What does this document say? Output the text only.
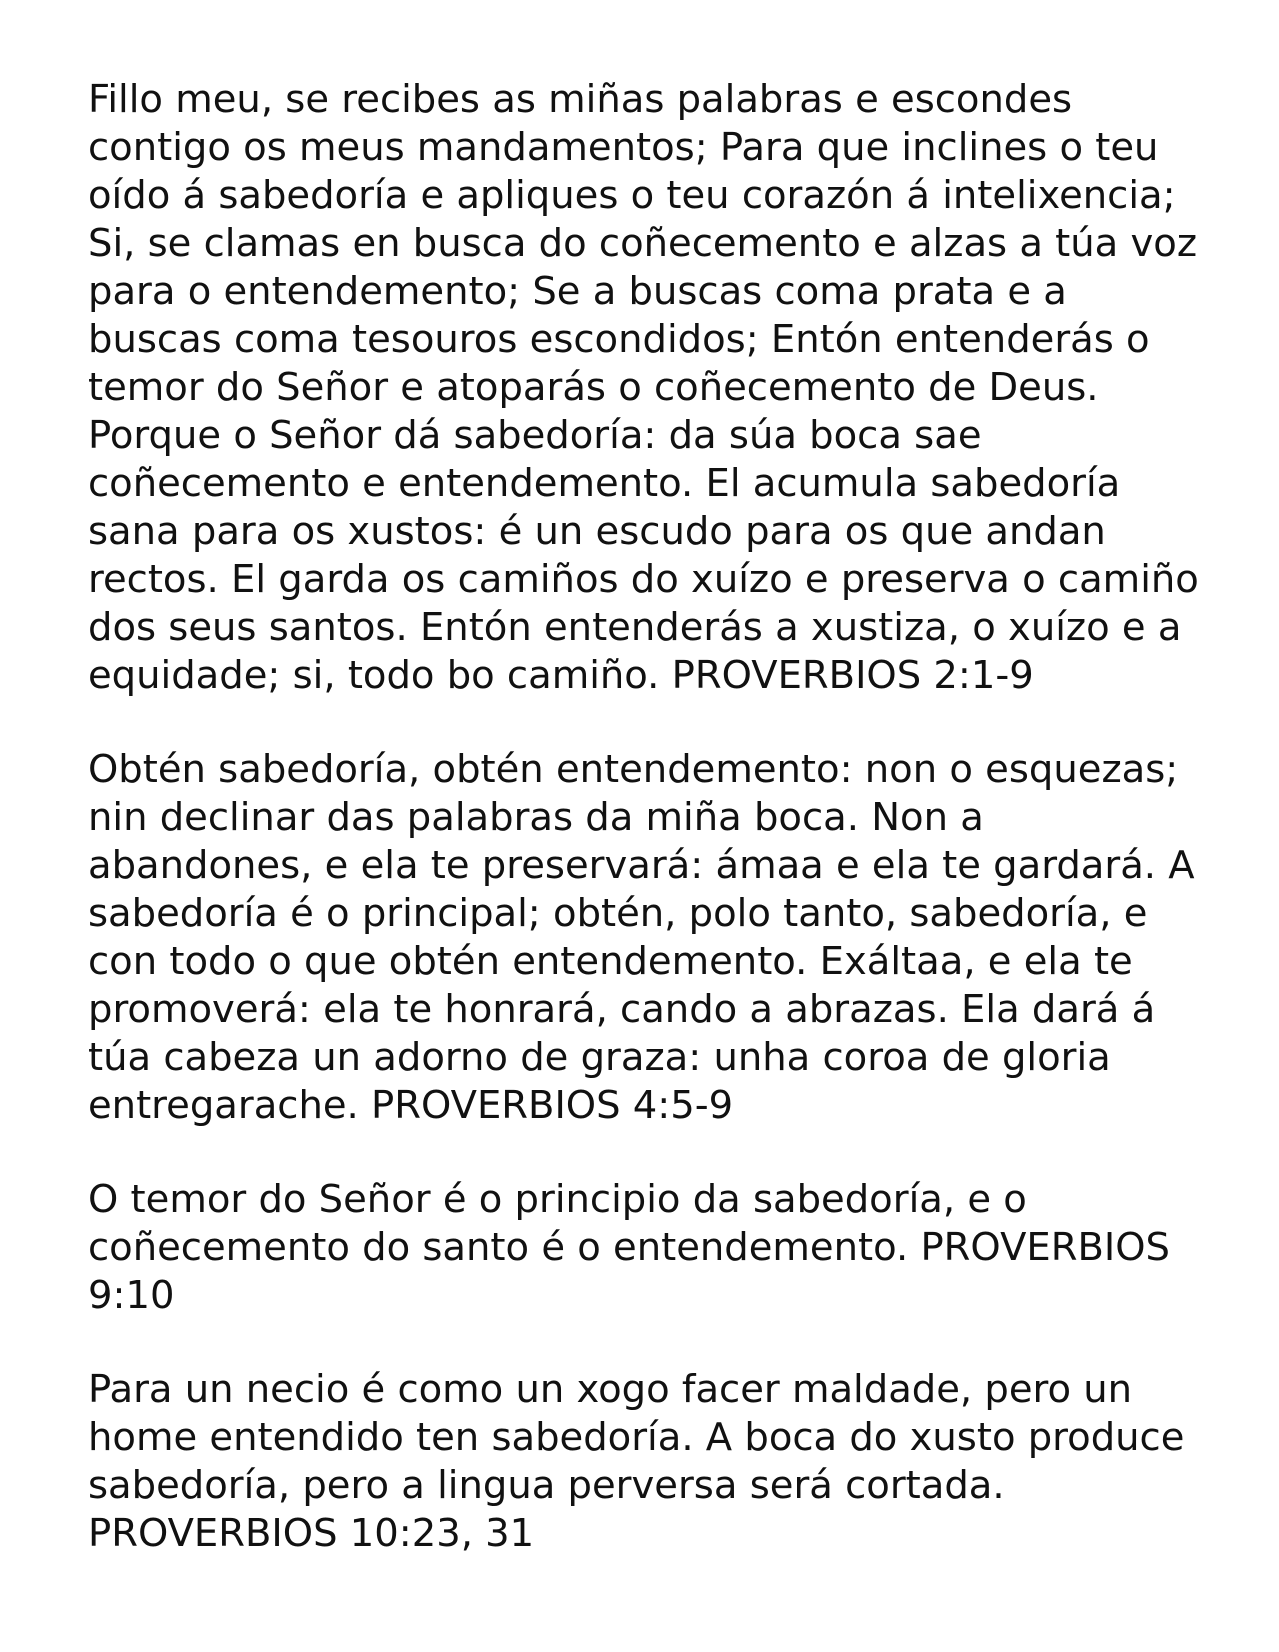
Fillo meu, se recibes as miñas palabras e escondes
contigo os meus mandamentos; Para que inclines o teu
oído á sabedoría e apliques o teu corazón á intelixencia;
Si, se clamas en busca do coñecemento e alzas a túa voz
para o entendemento; Se a buscas coma prata e a
buscas coma tesouros escondidos; Entón entenderás o
temor do Señor e atoparás o coñecemento de Deus.
Porque o Señor dá sabedoría: da súa boca sae
coñecemento e entendemento. El acumula sabedoría
sana para os xustos: é un escudo para os que andan
rectos. El garda os camiños do xuízo e preserva o camiño
dos seus santos. Entón entenderás a xustiza, o xuízo e a
equidade; si, todo bo camiño. PROVERBIOS 2:1-9

Obtén sabedoría, obtén entendemento: non o esquezas;
nin declinar das palabras da miña boca. Non a
abandones, e ela te preservará: ámaa e ela te gardará. A
sabedoría é o principal; obtén, polo tanto, sabedoría, e
con todo o que obtén entendemento. Exáltaa, e ela te
promoverá: ela te honrará, cando a abrazas. Ela dará á
túa cabeza un adorno de graza: unha coroa de gloria
entregarache. PROVERBIOS 4:5-9

O temor do Señor é o principio da sabedoría, e o
coñecemento do santo é o entendemento. PROVERBIOS
9:10

Para un necio é como un xogo facer maldade, pero un
home entendido ten sabedoría. A boca do xusto produce
sabedoría, pero a lingua perversa será cortada.
PROVERBIOS 10:23, 31
